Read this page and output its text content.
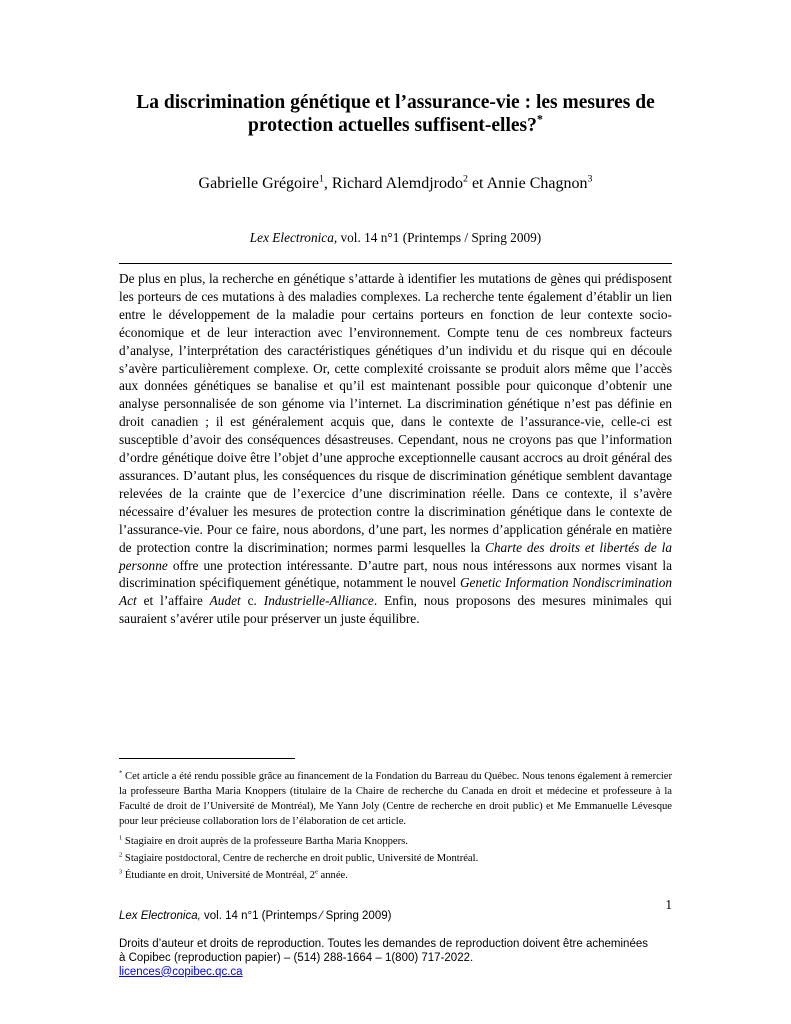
La discrimination génétique et l’assurance-vie : les mesures de
protection actuelles suffisent-elles?*
Gabrielle Grégoire$^1$, Richard Alemdjrodo$^2$ et Annie Chagnon$^3$
Lex Electronica, vol. 14 n°1 (Printemps / Spring 2009)
De plus en plus, la recherche en génétique s’attarde à identifier les mutations de gènes qui prédisposent les porteurs de ces mutations à des maladies complexes. La recherche tente également d’établir un lien entre le développement de la maladie pour certains porteurs en fonction de leur contexte socio-économique et de leur interaction avec l’environnement. Compte tenu de ces nombreux facteurs d’analyse, l’interprétation des caractéristiques génétiques d’un individu et du risque qui en découle s’avère particulièrement complexe. Or, cette complexité croissante se produit alors même que l’accès aux données génétiques se banalise et qu’il est maintenant possible pour quiconque d’obtenir une analyse personnalisée de son génome via l’internet. La discrimination génétique n’est pas définie en droit canadien ; il est généralement acquis que, dans le contexte de l’assurance-vie, celle-ci est susceptible d’avoir des conséquences désastreuses. Cependant, nous ne croyons pas que l’information d’ordre génétique doive être l’objet d’une approche exceptionnelle causant accrocs au droit général des assurances. D’autant plus, les conséquences du risque de discrimination génétique semblent davantage relevées de la crainte que de l’exercice d’une discrimination réelle. Dans ce contexte, il s’avère nécessaire d’évaluer les mesures de protection contre la discrimination génétique dans le contexte de l’assurance-vie. Pour ce faire, nous abordons, d’une part, les normes d’application générale en matière de protection contre la discrimination; normes parmi lesquelles la Charte des droits et libertés de la personne offre une protection intéressante. D’autre part, nous nous intéressons aux normes visant la discrimination spécifiquement génétique, notamment le nouvel Genetic Information Nondiscrimination Act et l’affaire Audet c. Industrielle-Alliance. Enfin, nous proposons des mesures minimales qui sauraient s’avérer utile pour préserver un juste équilibre.

* Cet article a été rendu possible grâce au financement de la Fondation du Barreau du Québec. Nous tenons également à remercier la professeure Bartha Maria Knoppers (titulaire de la Chaire de recherche du Canada en droit et médecine et professeure à la Faculté de droit de l’Université de Montréal), Me Yann Joly (Centre de recherche en droit public) et Me Emmanuelle Lévesque pour leur précieuse collaboration lors de l’élaboration de cet article.

$^1$ Stagiaire en droit auprès de la professeure Bartha Maria Knoppers.

$^2$ Stagiaire postdoctoral, Centre de recherche en droit public, Université de Montréal.

$^3$ Étudiante en droit, Université de Montréal, 2e année.

1
Lex Electronica, vol. 14 n°1 (Printemps ⁄ Spring 2009)
Droits d’auteur et droits de reproduction. Toutes les demandes de reproduction doivent être acheminées à Copibec (reproduction papier) – (514) 288-1664 – 1(800) 717-2022.
licences@copibec.qc.ca
